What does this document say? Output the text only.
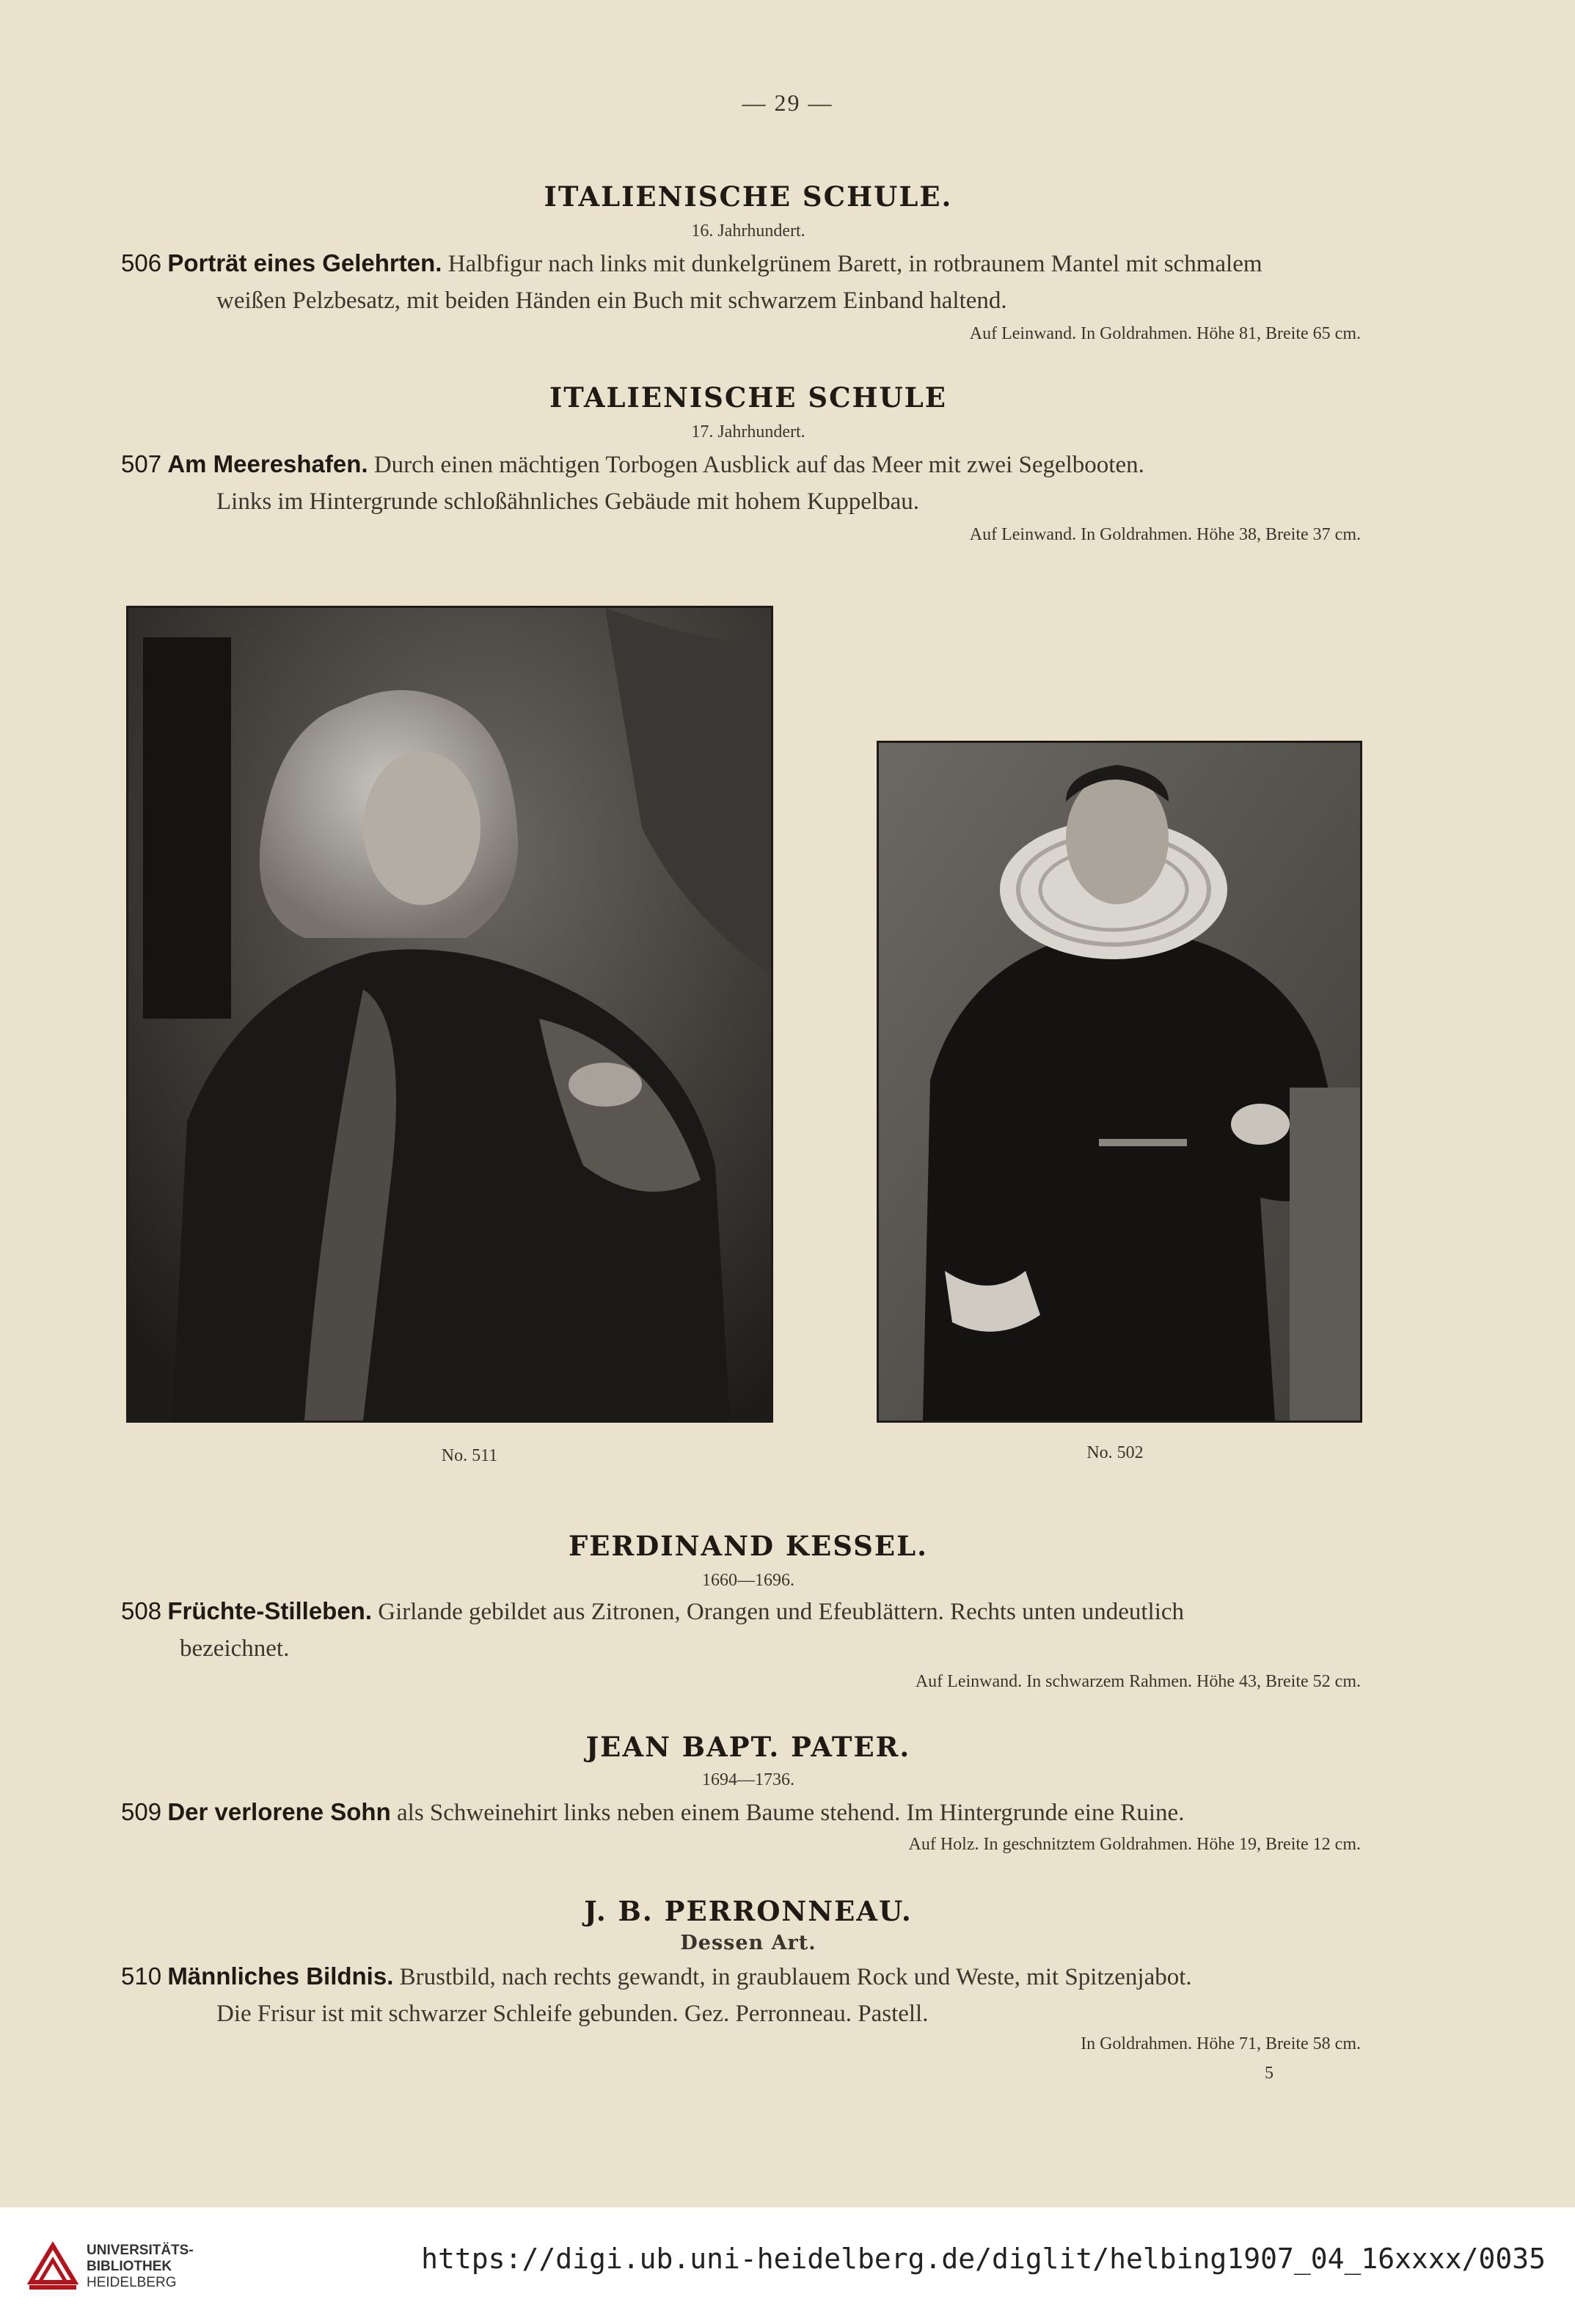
— 29 —
ITALIENISCHE SCHULE.
16. Jahrhundert.
506 Porträt eines Gelehrten. Halbfigur nach links mit dunkelgrünem Barett, in rotbraunem Mantel mit schmalem
weißen Pelzbesatz, mit beiden Händen ein Buch mit schwarzem Einband haltend.
Auf Leinwand. In Goldrahmen. Höhe 81, Breite 65 cm.
ITALIENISCHE SCHULE
17. Jahrhundert.
507 Am Meereshafen. Durch einen mächtigen Torbogen Ausblick auf das Meer mit zwei Segelbooten.
Links im Hintergrunde schloßähnliches Gebäude mit hohem Kuppelbau.
Auf Leinwand. In Goldrahmen. Höhe 38, Breite 37 cm.
No. 511	No. 502
FERDINAND KESSEL.
1660—1696.
508 Früchte-Stilleben. Girlande gebildet aus Zitronen, Orangen und Efeublättern. Rechts unten undeutlich
bezeichnet.
Auf Leinwand. In schwarzem Rahmen. Höhe 43, Breite 52 cm.
JEAN BAPT. PATER.
1694—1736.
509 Der verlorene Sohn als Schweinehirt links neben einem Baume stehend. Im Hintergrunde eine Ruine.
Auf Holz. In geschnitztem Goldrahmen. Höhe 19, Breite 12 cm.
J. B. PERRONNEAU.
Dessen Art.
510 Männliches Bildnis. Brustbild, nach rechts gewandt, in graublauem Rock und Weste, mit Spitzenjabot.
Die Frisur ist mit schwarzer Schleife gebunden. Gez. Perronneau. Pastell.
In Goldrahmen. Höhe 71, Breite 58 cm.
5
UNIVERSITÄTS-
BIBLIOTHEK
HEIDELBERG
https://digi.ub.uni-heidelberg.de/diglit/helbing1907_04_16xxxx/0035
